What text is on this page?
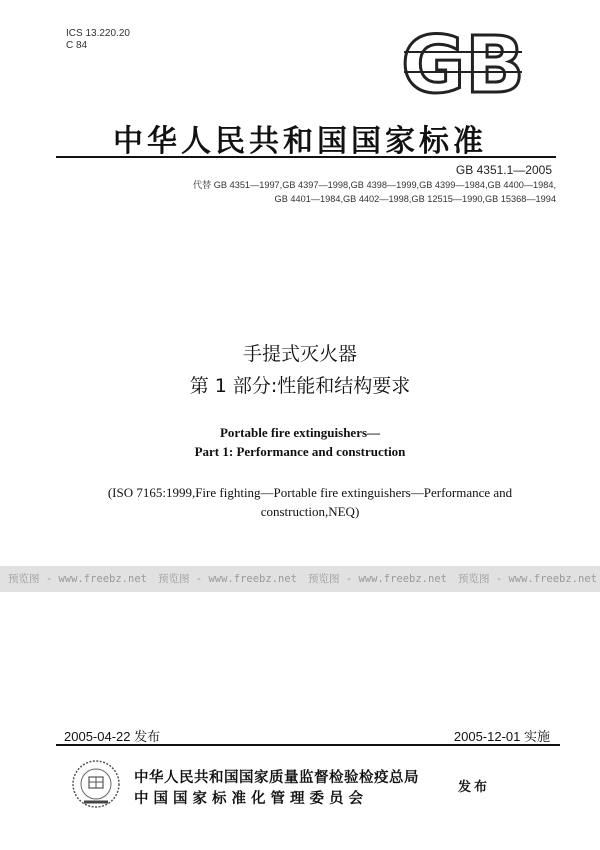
ICS 13.220.20
C 84	GB
中华人民共和国国家标准
GB 4351.1—2005
代替 GB 4351—1997,GB 4397—1998,GB 4398—1999,GB 4399—1984,GB 4400—1984,
GB 4401—1984,GB 4402—1998,GB 12515—1990,GB 15368—1994
手提式灭火器
第 1 部分:性能和结构要求
Portable fire extinguishers—
Part 1: Performance and construction
(ISO 7165:1999,Fire fighting—Portable fire extinguishers—Performance and construction,NEQ)
预览图 - www.freebz.net 预览图 - www.freebz.net 预览图 - www.freebz.net 预览图 - www.freebz.net
2005-04-22 发布	2005-12-01 实施
中华人民共和国国家质量监督检验检疫总局
中国国家标准化管理委员会
发布
